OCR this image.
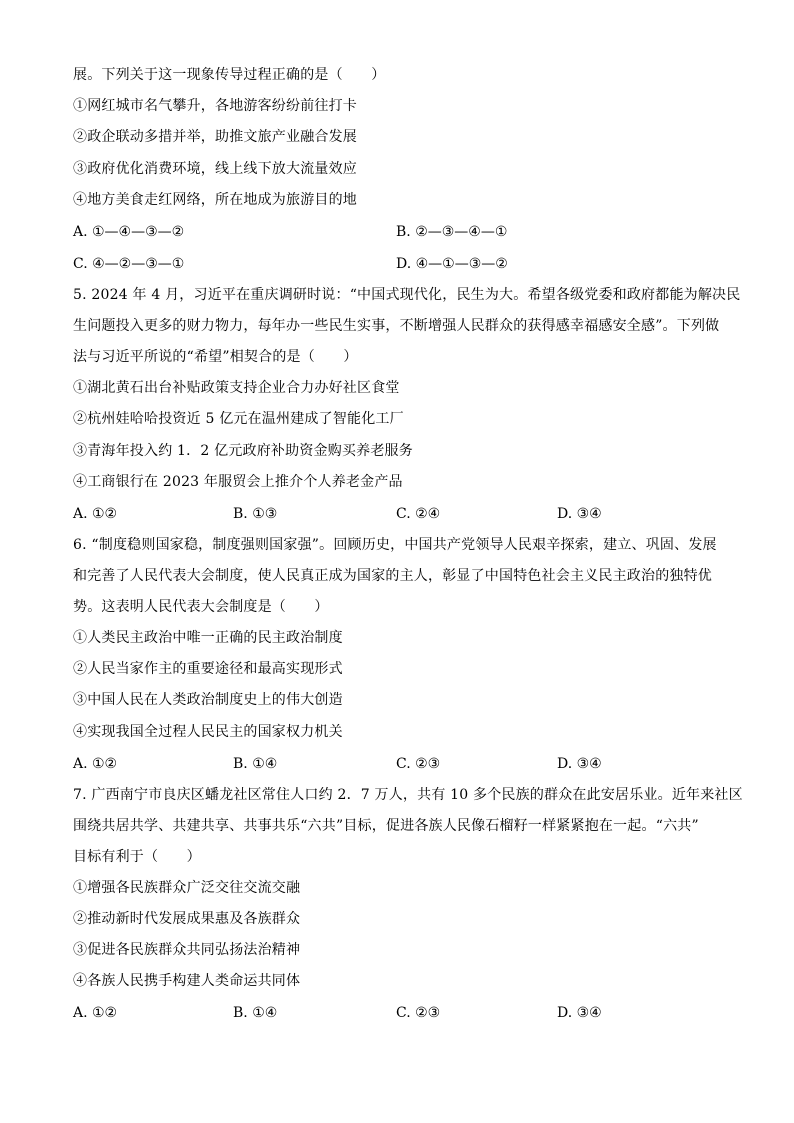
展。下列关于这一现象传导过程正确的是（　　）
①网红城市名气攀升，各地游客纷纷前往打卡
②政企联动多措并举，助推文旅产业融合发展
③政府优化消费环境，线上线下放大流量效应
④地方美食走红网络，所在地成为旅游目的地
A. ①—④—③—②	B. ②—③—④—①
C. ④—②—③—①	D. ④—①—③—②
5. 2024 年 4 月，习近平在重庆调研时说：“中国式现代化，民生为大。希望各级党委和政府都能为解决民
生问题投入更多的财力物力，每年办一些民生实事，不断增强人民群众的获得感幸福感安全感”。下列做
法与习近平所说的“希望”相契合的是（　　）
①湖北黄石出台补贴政策支持企业合力办好社区食堂
②杭州娃哈哈投资近 5 亿元在温州建成了智能化工厂
③青海年投入约 1．2 亿元政府补助资金购买养老服务
④工商银行在 2023 年服贸会上推介个人养老金产品
A. ①②	B. ①③	C. ②④	D. ③④
6. “制度稳则国家稳，制度强则国家强”。回顾历史，中国共产党领导人民艰辛探索，建立、巩固、发展
和完善了人民代表大会制度，使人民真正成为国家的主人，彰显了中国特色社会主义民主政治的独特优
势。这表明人民代表大会制度是（　　）
①人类民主政治中唯一正确的民主政治制度
②人民当家作主的重要途径和最高实现形式
③中国人民在人类政治制度史上的伟大创造
④实现我国全过程人民民主的国家权力机关
A. ①②	B. ①④	C. ②③	D. ③④
7. 广西南宁市良庆区蟠龙社区常住人口约 2．7 万人，共有 10 多个民族的群众在此安居乐业。近年来社区
围绕共居共学、共建共享、共事共乐“六共”目标，促进各族人民像石榴籽一样紧紧抱在一起。“六共”
目标有利于（　　）
①增强各民族群众广泛交往交流交融
②推动新时代发展成果惠及各族群众
③促进各民族群众共同弘扬法治精神
④各族人民携手构建人类命运共同体
A. ①②	B. ①④	C. ②③	D. ③④
